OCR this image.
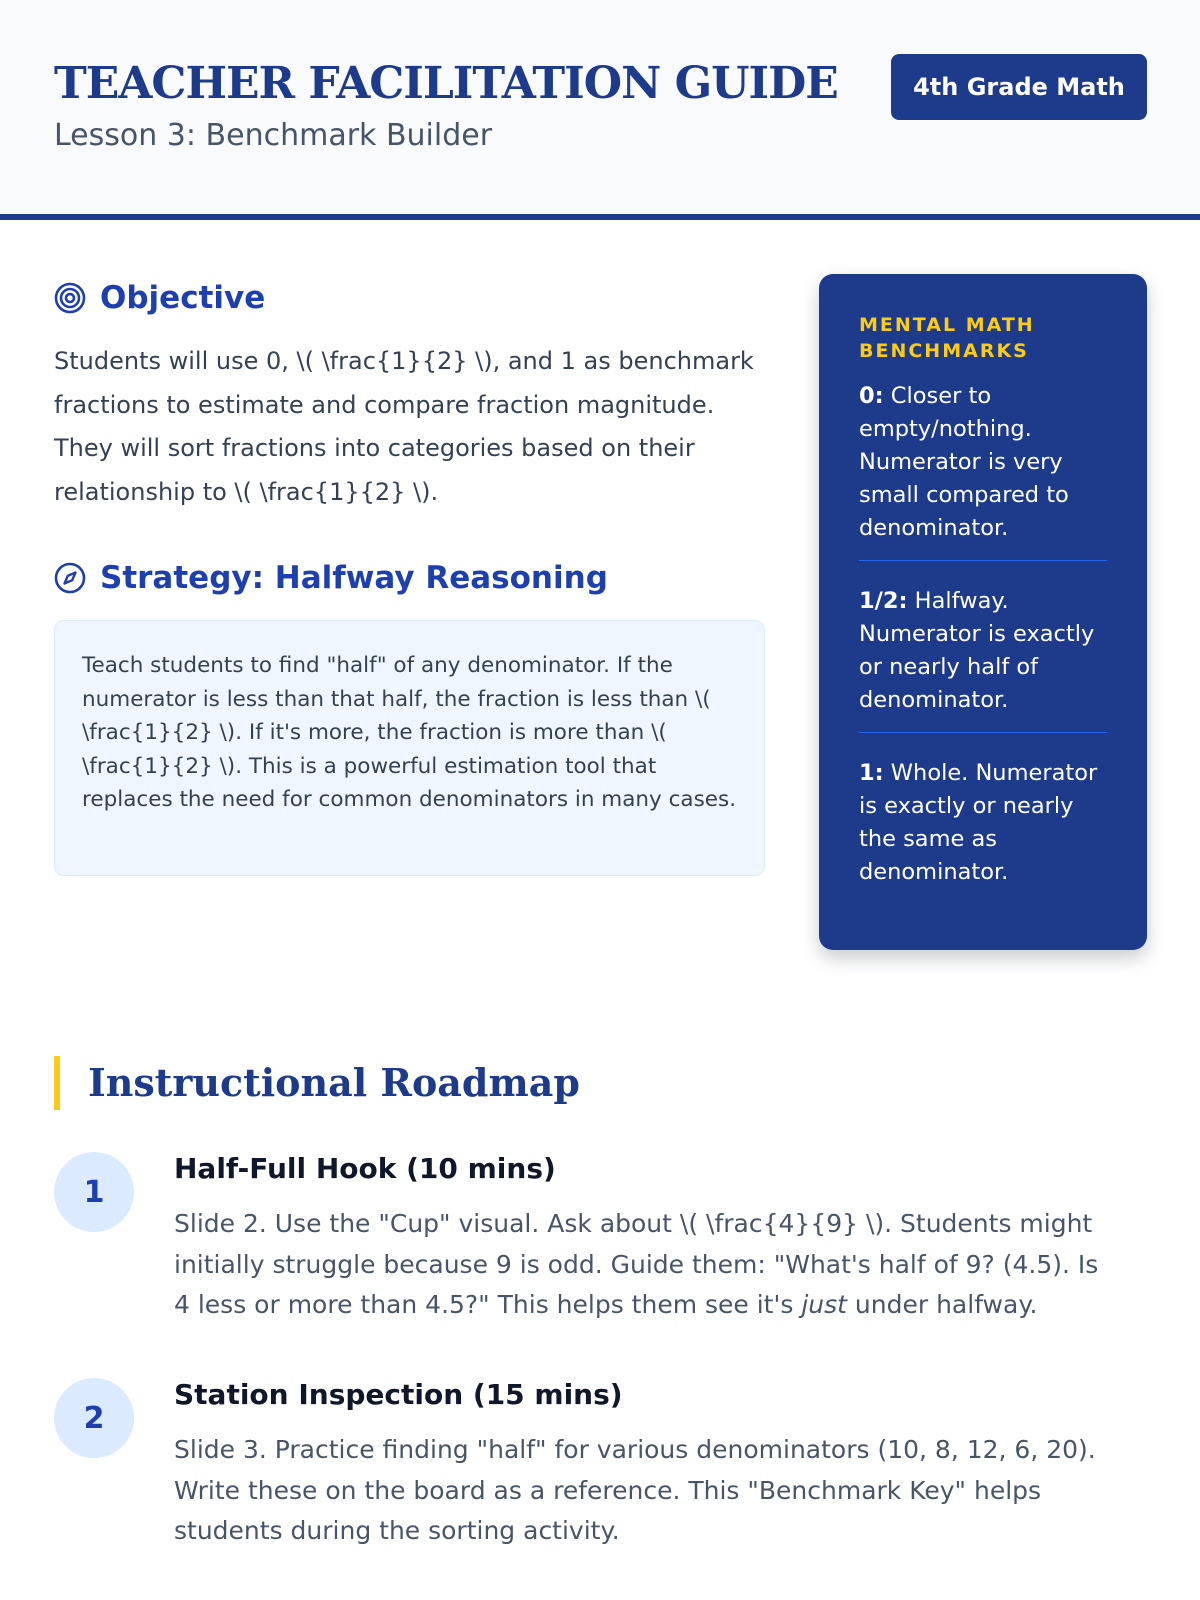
TEACHER FACILITATION GUIDE
Lesson 3: Benchmark Builder
4th Grade Math
Objective
Students will use 0, \( \frac{1}{2} \), and 1 as benchmark fractions to estimate and compare fraction magnitude. They will sort fractions into categories based on their relationship to \( \frac{1}{2} \).
Strategy: Halfway Reasoning
Teach students to find "half" of any denominator. If the numerator is less than that half, the fraction is less than \( \frac{1}{2} \). If it's more, the fraction is more than \( \frac{1}{2} \). This is a powerful estimation tool that replaces the need for common denominators in many cases.
MENTAL MATH BENCHMARKS
0: Closer to empty/nothing. Numerator is very small compared to denominator.
1/2: Halfway. Numerator is exactly or nearly half of denominator.
1: Whole. Numerator is exactly or nearly the same as denominator.
Instructional Roadmap
1
Half-Full Hook (10 mins)
Slide 2. Use the "Cup" visual. Ask about \( \frac{4}{9} \). Students might initially struggle because 9 is odd. Guide them: "What's half of 9? (4.5). Is 4 less or more than 4.5?" This helps them see it's just under halfway.
2
Station Inspection (15 mins)
Slide 3. Practice finding "half" for various denominators (10, 8, 12, 6, 20). Write these on the board as a reference. This "Benchmark Key" helps students during the sorting activity.
